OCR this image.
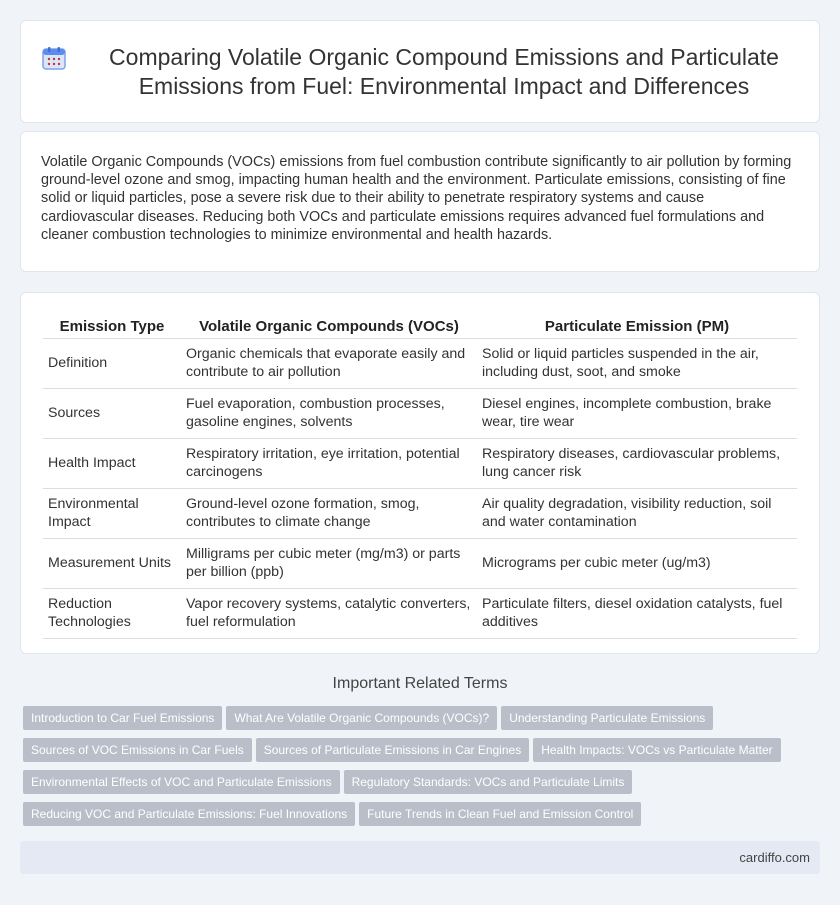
Comparing Volatile Organic Compound Emissions and Particulate Emissions from Fuel: Environmental Impact and Differences

Volatile Organic Compounds (VOCs) emissions from fuel combustion contribute significantly to air pollution by forming ground-level ozone and smog, impacting human health and the environment. Particulate emissions, consisting of fine solid or liquid particles, pose a severe risk due to their ability to penetrate respiratory systems and cause cardiovascular diseases. Reducing both VOCs and particulate emissions requires advanced fuel formulations and cleaner combustion technologies to minimize environmental and health hazards.

Emission Type	Volatile Organic Compounds (VOCs)	Particulate Emission (PM)
Definition	Organic chemicals that evaporate easily and contribute to air pollution	Solid or liquid particles suspended in the air, including dust, soot, and smoke
Sources	Fuel evaporation, combustion processes, gasoline engines, solvents	Diesel engines, incomplete combustion, brake wear, tire wear
Health Impact	Respiratory irritation, eye irritation, potential carcinogens	Respiratory diseases, cardiovascular problems, lung cancer risk
Environmental Impact	Ground-level ozone formation, smog, contributes to climate change	Air quality degradation, visibility reduction, soil and water contamination
Measurement Units	Milligrams per cubic meter (mg/m3) or parts per billion (ppb)	Micrograms per cubic meter (ug/m3)
Reduction Technologies	Vapor recovery systems, catalytic converters, fuel reformulation	Particulate filters, diesel oxidation catalysts, fuel additives
Important Related Terms
Introduction to Car Fuel Emissions What Are Volatile Organic Compounds (VOCs)? Understanding Particulate Emissions
Sources of VOC Emissions in Car Fuels Sources of Particulate Emissions in Car Engines Health Impacts: VOCs vs Particulate Matter
Environmental Effects of VOC and Particulate Emissions Regulatory Standards: VOCs and Particulate Limits
Reducing VOC and Particulate Emissions: Fuel Innovations Future Trends in Clean Fuel and Emission Control
cardiffo.com
